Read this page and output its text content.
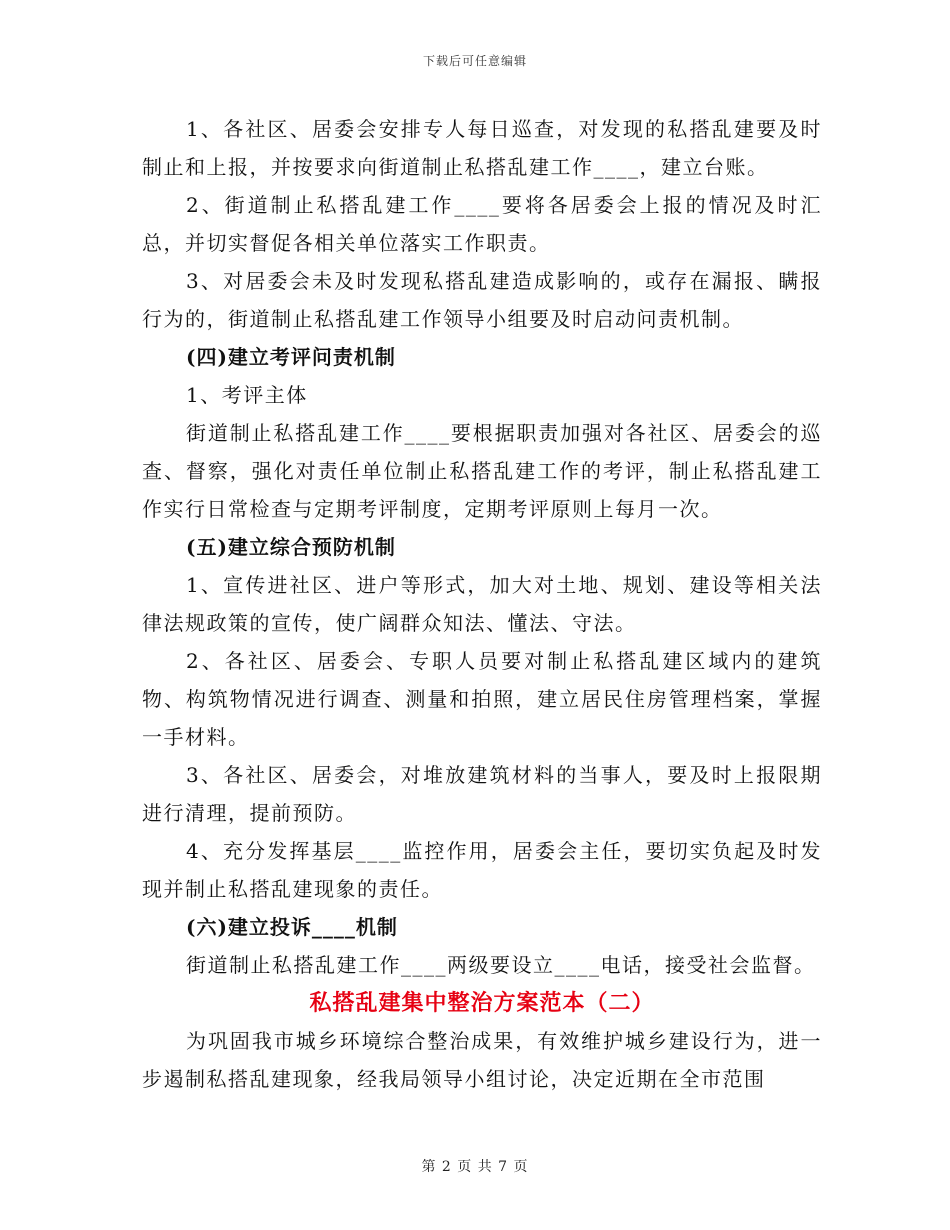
下载后可任意编辑

1、各社区、居委会安排专人每日巡查，对发现的私搭乱建要及时制止和上报，并按要求向街道制止私搭乱建工作____，建立台账。

2、街道制止私搭乱建工作____要将各居委会上报的情况及时汇总，并切实督促各相关单位落实工作职责。

3、对居委会未及时发现私搭乱建造成影响的，或存在漏报、瞒报行为的，街道制止私搭乱建工作领导小组要及时启动问责机制。

(四)建立考评问责机制

1、考评主体

街道制止私搭乱建工作____要根据职责加强对各社区、居委会的巡查、督察，强化对责任单位制止私搭乱建工作的考评，制止私搭乱建工作实行日常检查与定期考评制度，定期考评原则上每月一次。

(五)建立综合预防机制

1、宣传进社区、进户等形式，加大对土地、规划、建设等相关法律法规政策的宣传，使广阔群众知法、懂法、守法。

2、各社区、居委会、专职人员要对制止私搭乱建区域内的建筑物、构筑物情况进行调查、测量和拍照，建立居民住房管理档案，掌握一手材料。

3、各社区、居委会，对堆放建筑材料的当事人，要及时上报限期进行清理，提前预防。

4、充分发挥基层____监控作用，居委会主任，要切实负起及时发现并制止私搭乱建现象的责任。

(六)建立投诉____机制

街道制止私搭乱建工作____两级要设立____电话，接受社会监督。

私搭乱建集中整治方案范本（二）

为巩固我市城乡环境综合整治成果，有效维护城乡建设行为，进一步遏制私搭乱建现象，经我局领导小组讨论，决定近期在全市范围

第 2 页 共 7 页
